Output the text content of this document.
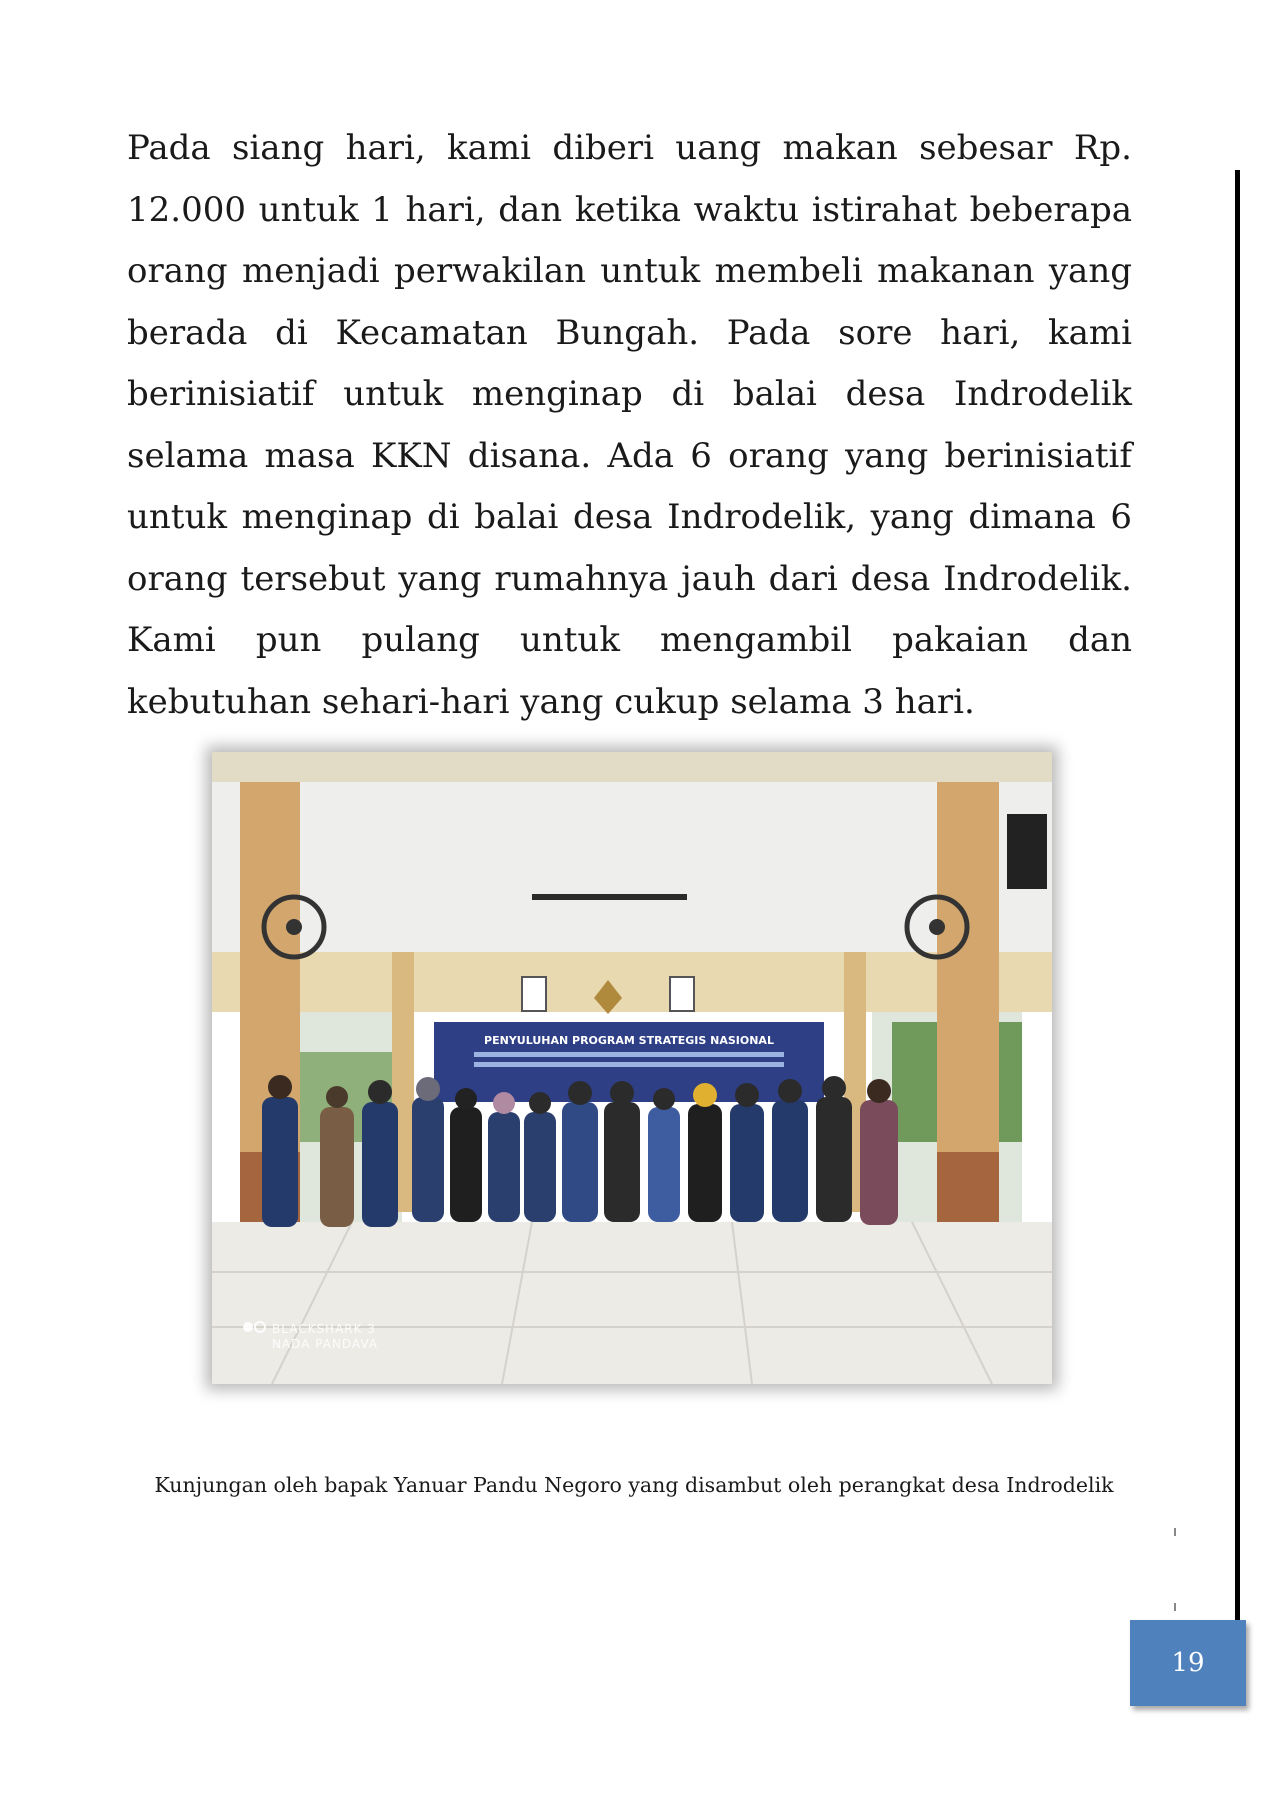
Pada siang hari, kami diberi uang makan sebesar Rp. 12.000 untuk 1 hari, dan ketika waktu istirahat beberapa orang menjadi perwakilan untuk membeli makanan yang berada di Kecamatan Bungah. Pada sore hari, kami berinisiatif untuk menginap di balai desa Indrodelik selama masa KKN disana. Ada 6 orang yang berinisiatif untuk menginap di balai desa Indrodelik, yang dimana 6 orang tersebut yang rumahnya jauh dari desa Indrodelik. Kami pun pulang untuk mengambil pakaian dan kebutuhan sehari-hari yang cukup selama 3 hari.

PENYULUHAN PROGRAM STRATEGIS NASIONAL
BLACKSHARK 3
NADA PANDAVA
Kunjungan oleh bapak Yanuar Pandu Negoro yang disambut oleh perangkat desa Indrodelik
19
